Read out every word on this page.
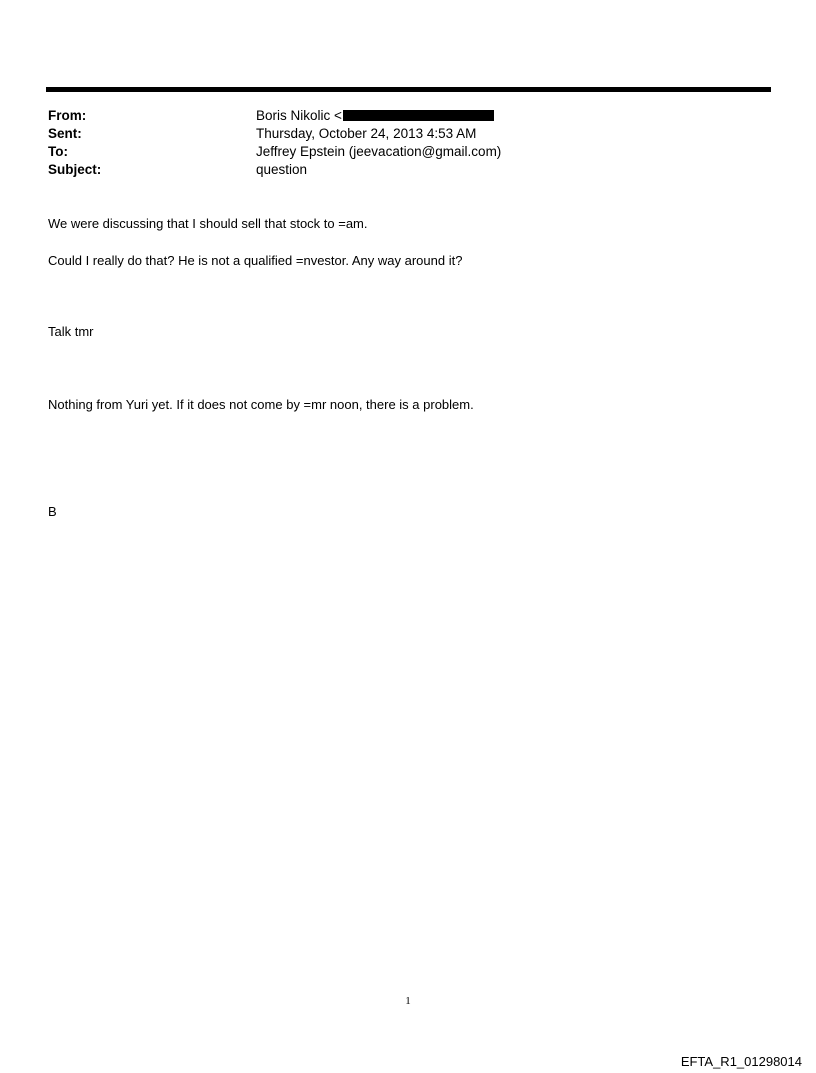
From:	Boris Nikolic <
Sent:	Thursday, October 24, 2013 4:53 AM
To:	Jeffrey Epstein (jeevacation@gmail.com)
Subject:	question
We were discussing that I should sell that stock to =am.
Could I really do that? He is not a qualified =nvestor. Any way around it?
Talk tmr
Nothing from Yuri yet. If it does not come by =mr noon, there is a problem.
B
1
EFTA_R1_01298014
